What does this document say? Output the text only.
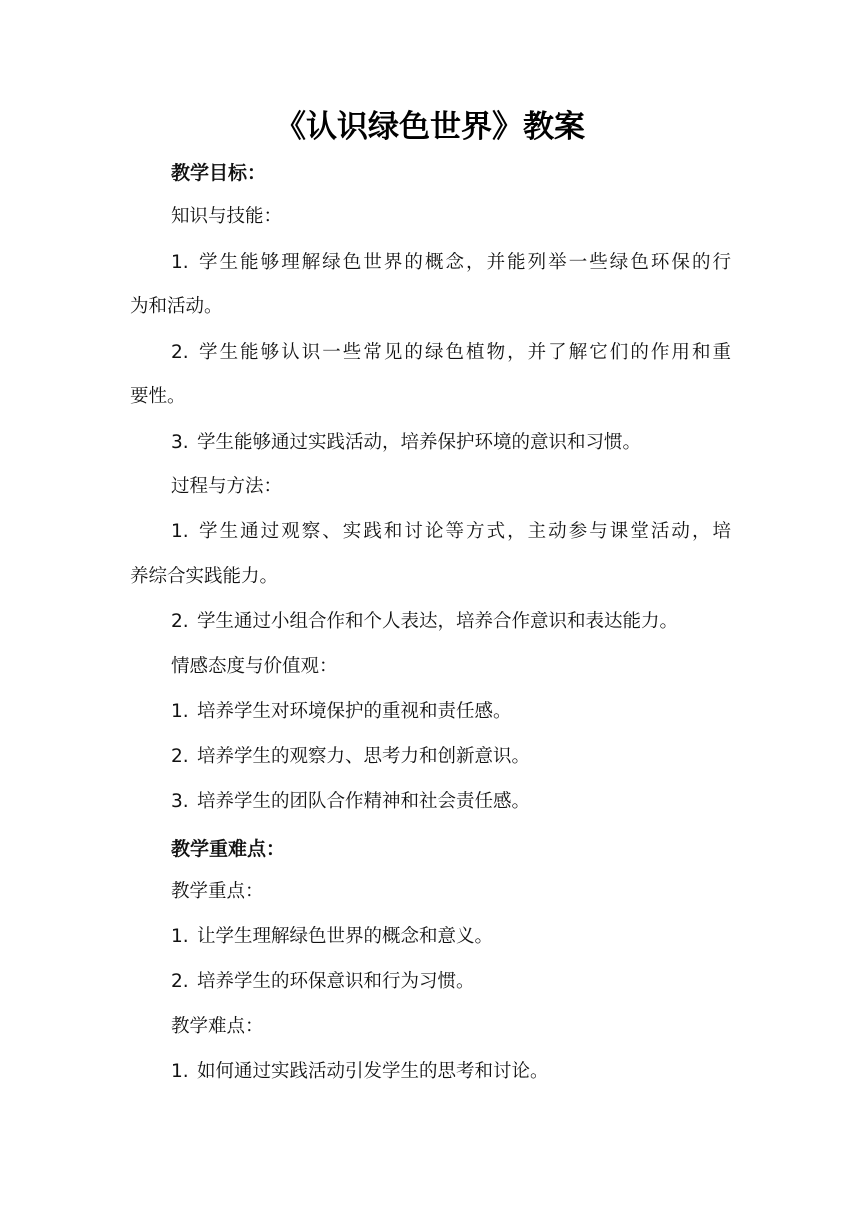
《认识绿色世界》教案
教学目标：
知识与技能：
1. 学生能够理解绿色世界的概念，并能列举一些绿色环保的行
为和活动。
2. 学生能够认识一些常见的绿色植物，并了解它们的作用和重
要性。
3. 学生能够通过实践活动，培养保护环境的意识和习惯。
过程与方法：
1. 学生通过观察、实践和讨论等方式，主动参与课堂活动，培
养综合实践能力。
2. 学生通过小组合作和个人表达，培养合作意识和表达能力。
情感态度与价值观：
1. 培养学生对环境保护的重视和责任感。
2. 培养学生的观察力、思考力和创新意识。
3. 培养学生的团队合作精神和社会责任感。
教学重难点：
教学重点：
1. 让学生理解绿色世界的概念和意义。
2. 培养学生的环保意识和行为习惯。
教学难点：
1. 如何通过实践活动引发学生的思考和讨论。
